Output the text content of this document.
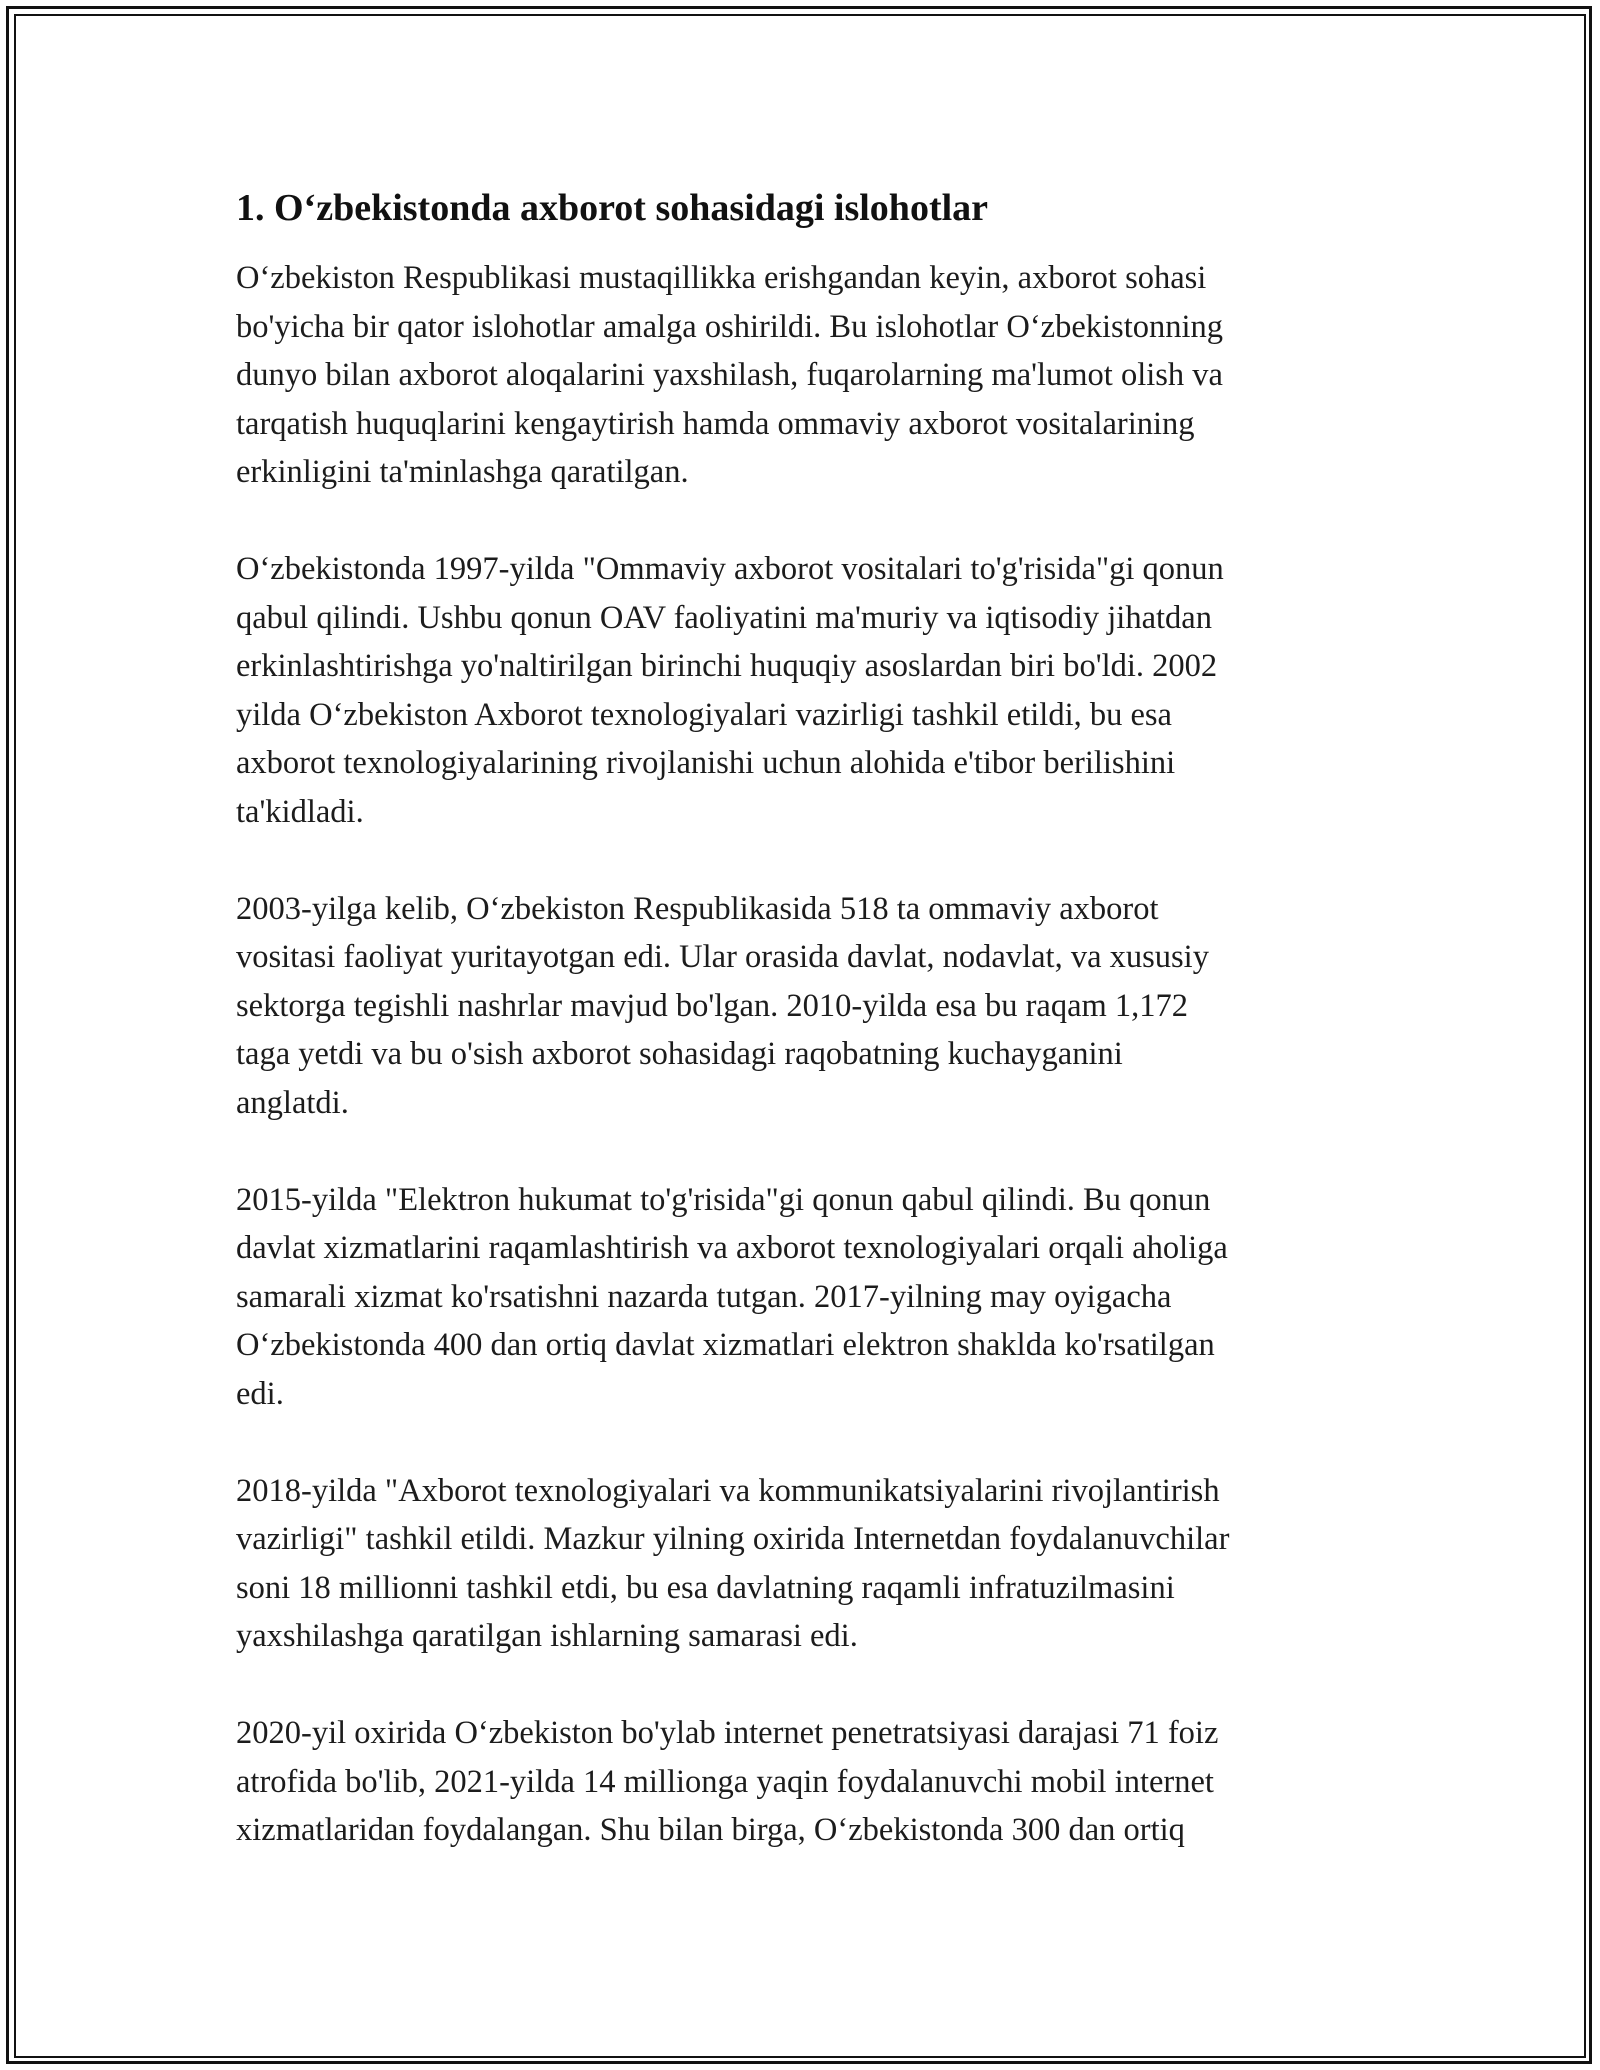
1. O‘zbekistonda axborot sohasidagi islohotlar

O‘zbekiston Respublikasi mustaqillikka erishgandan keyin, axborot sohasi
bo'yicha bir qator islohotlar amalga oshirildi. Bu islohotlar O‘zbekistonning
dunyo bilan axborot aloqalarini yaxshilash, fuqarolarning ma'lumot olish va
tarqatish huquqlarini kengaytirish hamda ommaviy axborot vositalarining
erkinligini ta'minlashga qaratilgan.

O‘zbekistonda 1997-yilda "Ommaviy axborot vositalari to'g'risida"gi qonun
qabul qilindi. Ushbu qonun OAV faoliyatini ma'muriy va iqtisodiy jihatdan
erkinlashtirishga yo'naltirilgan birinchi huquqiy asoslardan biri bo'ldi. 2002
yilda O‘zbekiston Axborot texnologiyalari vazirligi tashkil etildi, bu esa
axborot texnologiyalarining rivojlanishi uchun alohida e'tibor berilishini
ta'kidladi.

2003-yilga kelib, O‘zbekiston Respublikasida 518 ta ommaviy axborot
vositasi faoliyat yuritayotgan edi. Ular orasida davlat, nodavlat, va xususiy
sektorga tegishli nashrlar mavjud bo'lgan. 2010-yilda esa bu raqam 1,172
taga yetdi va bu o'sish axborot sohasidagi raqobatning kuchayganini
anglatdi.

2015-yilda "Elektron hukumat to'g'risida"gi qonun qabul qilindi. Bu qonun
davlat xizmatlarini raqamlashtirish va axborot texnologiyalari orqali aholiga
samarali xizmat ko'rsatishni nazarda tutgan. 2017-yilning may oyigacha
O‘zbekistonda 400 dan ortiq davlat xizmatlari elektron shaklda ko'rsatilgan
edi.

2018-yilda "Axborot texnologiyalari va kommunikatsiyalarini rivojlantirish
vazirligi" tashkil etildi. Mazkur yilning oxirida Internetdan foydalanuvchilar
soni 18 millionni tashkil etdi, bu esa davlatning raqamli infratuzilmasini
yaxshilashga qaratilgan ishlarning samarasi edi.

2020-yil oxirida O‘zbekiston bo'ylab internet penetratsiyasi darajasi 71 foiz
atrofida bo'lib, 2021-yilda 14 millionga yaqin foydalanuvchi mobil internet
xizmatlaridan foydalangan. Shu bilan birga, O‘zbekistonda 300 dan ortiq
